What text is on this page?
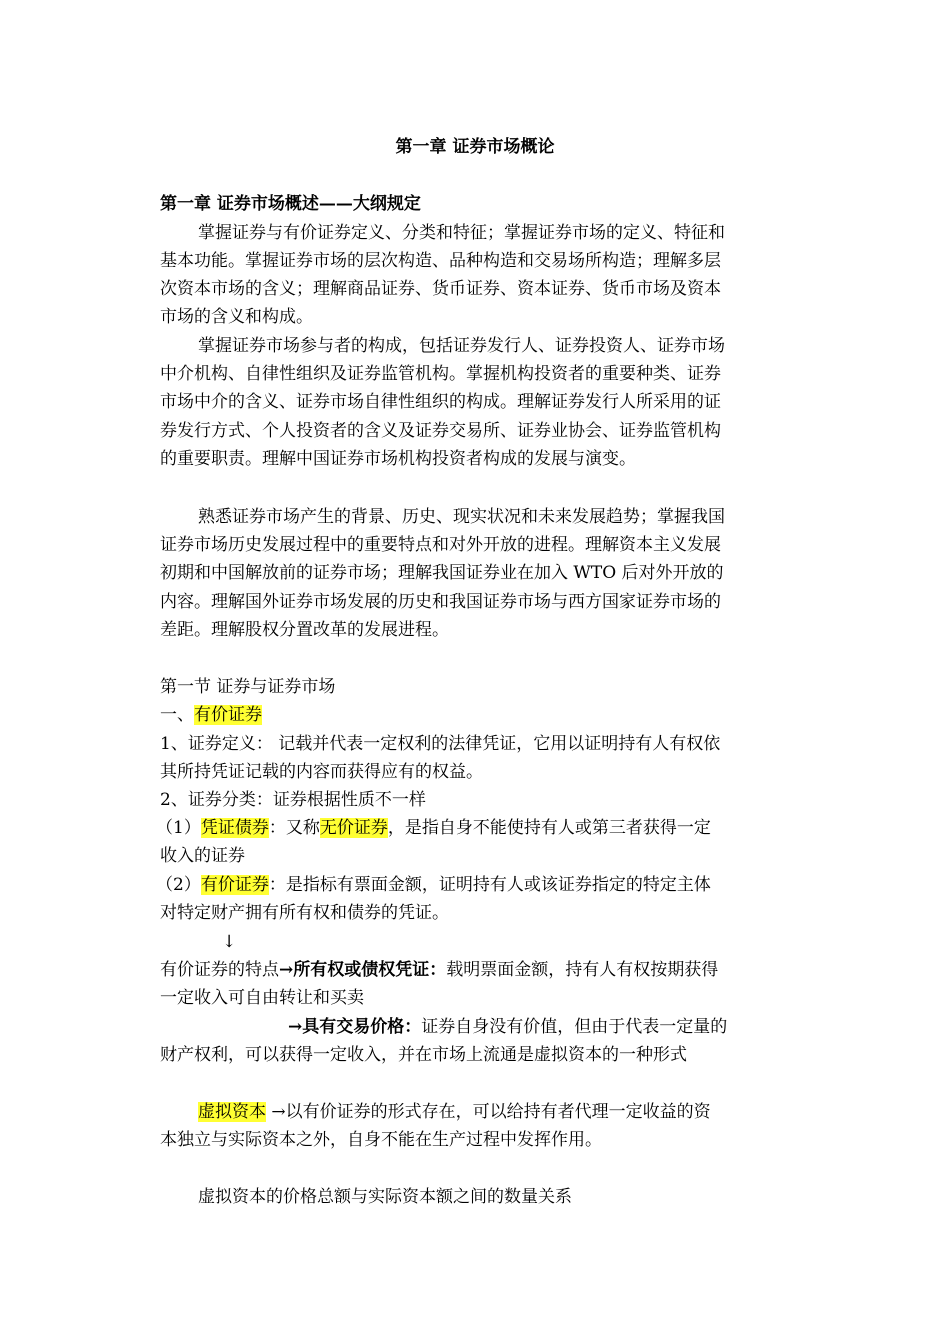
第一章 证券市场概论
第一章 证券市场概述——大纲规定
掌握证券与有价证券定义、分类和特征；掌握证券市场的定义、特征和
基本功能。掌握证券市场的层次构造、品种构造和交易场所构造；理解多层
次资本市场的含义；理解商品证券、货币证券、资本证券、货币市场及资本
市场的含义和构成。
掌握证券市场参与者的构成，包括证券发行人、证券投资人、证券市场
中介机构、自律性组织及证券监管机构。掌握机构投资者的重要种类、证券
市场中介的含义、证券市场自律性组织的构成。理解证券发行人所采用的证
券发行方式、个人投资者的含义及证券交易所、证券业协会、证券监管机构
的重要职责。理解中国证券市场机构投资者构成的发展与演变。
熟悉证券市场产生的背景、历史、现实状况和未来发展趋势；掌握我国
证券市场历史发展过程中的重要特点和对外开放的进程。理解资本主义发展
初期和中国解放前的证券市场；理解我国证券业在加入 WTO 后对外开放的
内容。理解国外证券市场发展的历史和我国证券市场与西方国家证券市场的
差距。理解股权分置改革的发展进程。
第一节 证券与证券市场
一、有价证券
1、证券定义： 记载并代表一定权利的法律凭证，它用以证明持有人有权依
其所持凭证记载的内容而获得应有的权益。
2、证券分类：证券根据性质不一样
（1）凭证债券：又称无价证券，是指自身不能使持有人或第三者获得一定
收入的证券
（2）有价证券：是指标有票面金额，证明持有人或该证券指定的特定主体
对特定财产拥有所有权和债券的凭证。
↓
有价证券的特点→所有权或债权凭证：载明票面金额，持有人有权按期获得
一定收入可自由转让和买卖
→具有交易价格：证券自身没有价值，但由于代表一定量的
财产权利，可以获得一定收入，并在市场上流通是虚拟资本的一种形式
虚拟资本 →以有价证券的形式存在，可以给持有者代理一定收益的资
本独立与实际资本之外，自身不能在生产过程中发挥作用。
虚拟资本的价格总额与实际资本额之间的数量关系
